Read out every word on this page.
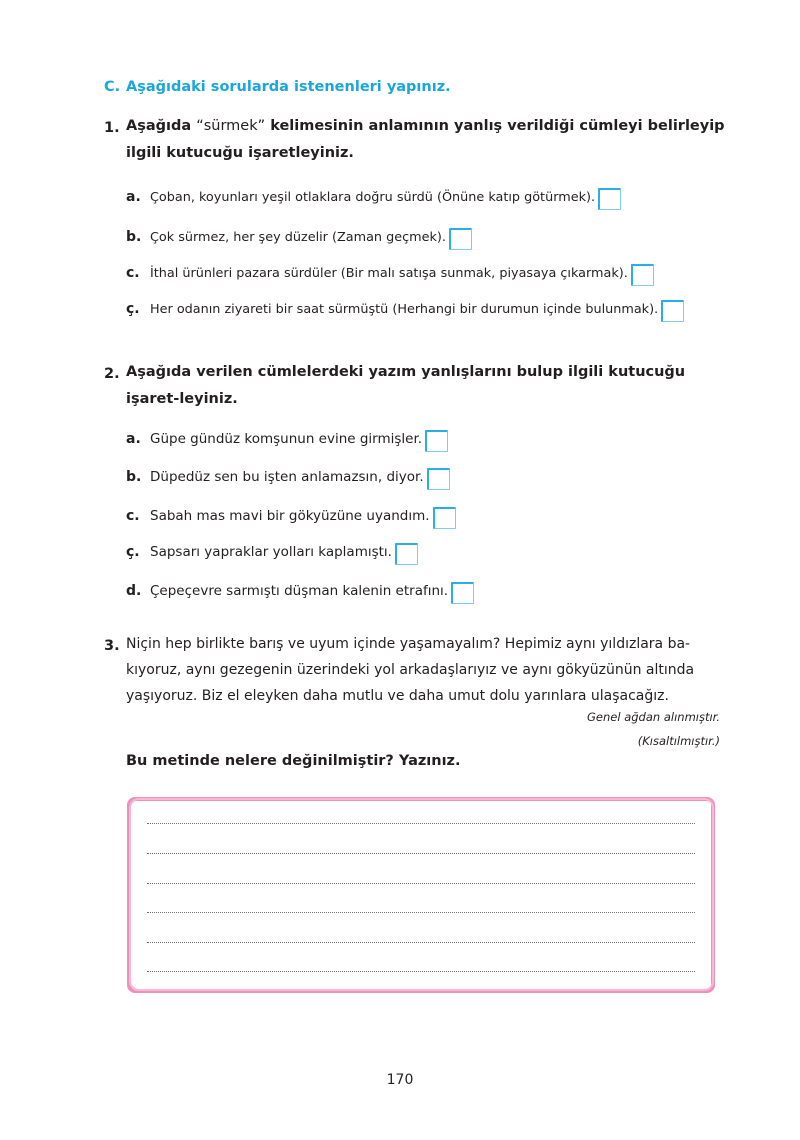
C. Aşağıdaki sorularda istenenleri yapınız.
1. Aşağıda “sürmek” kelimesinin anlamının yanlış verildiği cümleyi belirleyip ilgili kutucuğu işaretleyiniz.
a. Çoban, koyunları yeşil otlaklara doğru sürdü (Önüne katıp götürmek).
b. Çok sürmez, her şey düzelir (Zaman geçmek).
c. İthal ürünleri pazara sürdüler (Bir malı satışa sunmak, piyasaya çıkarmak).
ç. Her odanın ziyareti bir saat sürmüştü (Herhangi bir durumun içinde bulunmak).
2. Aşağıda verilen cümlelerdeki yazım yanlışlarını bulup ilgili kutucuğu işaret-leyiniz.
a. Güpe gündüz komşunun evine girmişler.
b. Düpedüz sen bu işten anlamazsın, diyor.
c. Sabah mas mavi bir gökyüzüne uyandım.
ç. Sapsarı yapraklar yolları kaplamıştı.
d. Çepeçevre sarmıştı düşman kalenin etrafını.
3. Niçin hep birlikte barış ve uyum içinde yaşamayalım? Hepimiz aynı yıldızlara ba-kıyoruz, aynı gezegenin üzerindeki yol arkadaşlarıyız ve aynı gökyüzünün altında yaşıyoruz. Biz el eleyken daha mutlu ve daha umut dolu yarınlara ulaşacağız.
Genel ağdan alınmıştır.
(Kısaltılmıştır.)
Bu metinde nelere değinilmiştir? Yazınız.
170
